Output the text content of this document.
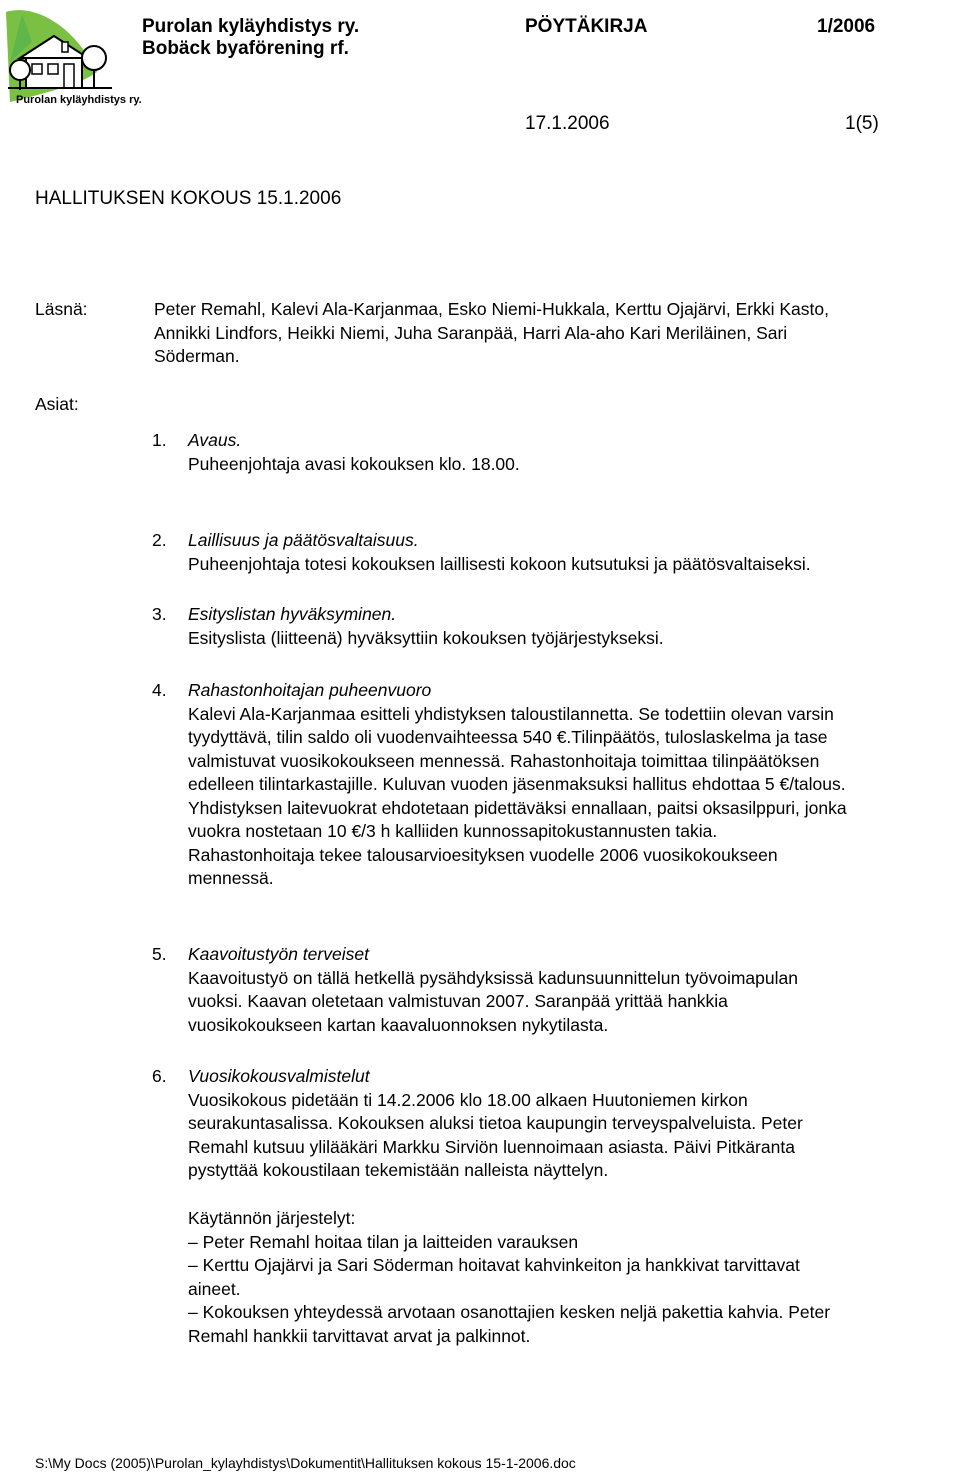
Purolan kyläyhdistys ry.
Purolan kyläyhdistys ry.
Bobäck byaförening rf.
PÖYTÄKIRJA	1/2006
17.1.2006	1(5)
HALLITUKSEN KOKOUS 15.1.2006
Läsnä:	Peter Remahl, Kalevi Ala-Karjanmaa, Esko Niemi-Hukkala, Kerttu Ojajärvi, Erkki Kasto,
Annikki Lindfors, Heikki Niemi, Juha Saranpää, Harri Ala-aho Kari Meriläinen, Sari
Söderman.
Asiat:
1. Avaus.
Puheenjohtaja avasi kokouksen klo. 18.00.
2. Laillisuus ja päätösvaltaisuus.
Puheenjohtaja totesi kokouksen laillisesti kokoon kutsutuksi ja päätösvaltaiseksi.
3. Esityslistan hyväksyminen.
Esityslista (liitteenä) hyväksyttiin kokouksen työjärjestykseksi.
4. Rahastonhoitajan puheenvuoro
Kalevi Ala-Karjanmaa esitteli yhdistyksen taloustilannetta. Se todettiin olevan varsin
tyydyttävä, tilin saldo oli vuodenvaihteessa 540 €.Tilinpäätös, tuloslaskelma ja tase
valmistuvat vuosikokoukseen mennessä. Rahastonhoitaja toimittaa tilinpäätöksen
edelleen tilintarkastajille. Kuluvan vuoden jäsenmaksuksi hallitus ehdottaa 5 €/talous.
Yhdistyksen laitevuokrat ehdotetaan pidettäväksi ennallaan, paitsi oksasilppuri, jonka
vuokra nostetaan 10 €/3 h kalliiden kunnossapitokustannusten takia.
Rahastonhoitaja tekee talousarvioesityksen vuodelle 2006 vuosikokoukseen
mennessä.
5. Kaavoitustyön terveiset
Kaavoitustyö on tällä hetkellä pysähdyksissä kadunsuunnittelun työvoimapulan
vuoksi. Kaavan oletetaan valmistuvan 2007. Saranpää yrittää hankkia
vuosikokoukseen kartan kaavaluonnoksen nykytilasta.
6. Vuosikokousvalmistelut
Vuosikokous pidetään ti 14.2.2006 klo 18.00 alkaen Huutoniemen kirkon
seurakuntasalissa. Kokouksen aluksi tietoa kaupungin terveyspalveluista. Peter
Remahl kutsuu ylilääkäri Markku Sirviön luennoimaan asiasta. Päivi Pitkäranta
pystyttää kokoustilaan tekemistään nalleista näyttelyn.
Käytännön järjestelyt:
– Peter Remahl hoitaa tilan ja laitteiden varauksen
– Kerttu Ojajärvi ja Sari Söderman hoitavat kahvinkeiton ja hankkivat tarvittavat
aineet.
– Kokouksen yhteydessä arvotaan osanottajien kesken neljä pakettia kahvia. Peter
Remahl hankkii tarvittavat arvat ja palkinnot.
S:\My Docs (2005)\Purolan_kylayhdistys\Dokumentit\Hallituksen kokous 15-1-2006.doc
